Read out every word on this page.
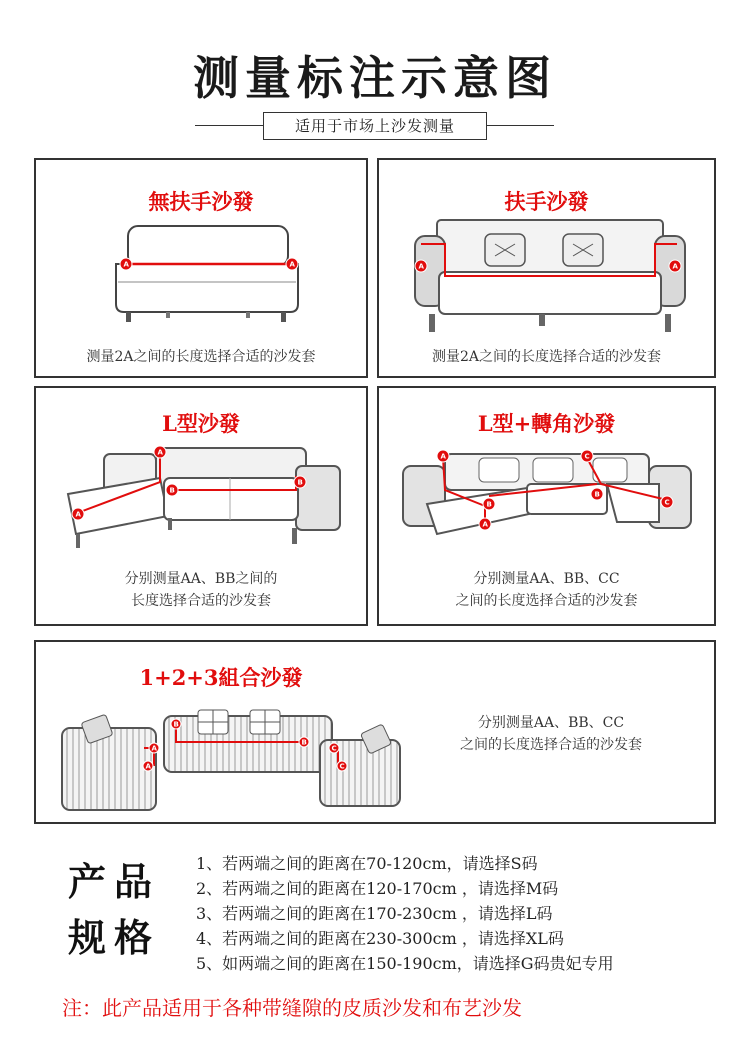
测量标注示意图
适用于市场上沙发测量
無扶手沙發
A	A
测量2A之间的长度选择合适的沙发套
扶手沙發
A	A
测量2A之间的长度选择合适的沙发套
L型沙發
A
A
B
B
分别测量AA、BB之间的
长度选择合适的沙发套
L型+轉角沙發
A
A
B
B
C
C
分别测量AA、BB、CC
之间的长度选择合适的沙发套
1+2+3組合沙發
A
A
B
B
C
C
分别测量AA、BB、CC
之间的长度选择合适的沙发套
产品
规格
1、若两端之间的距离在70-120cm，请选择S码
2、若两端之间的距离在120-170cm ，请选择M码
3、若两端之间的距离在170-230cm ，请选择L码
4、若两端之间的距离在230-300cm ，请选择XL码
5、如两端之间的距离在150-190cm，请选择G码贵妃专用
注：此产品适用于各种带缝隙的皮质沙发和布艺沙发
